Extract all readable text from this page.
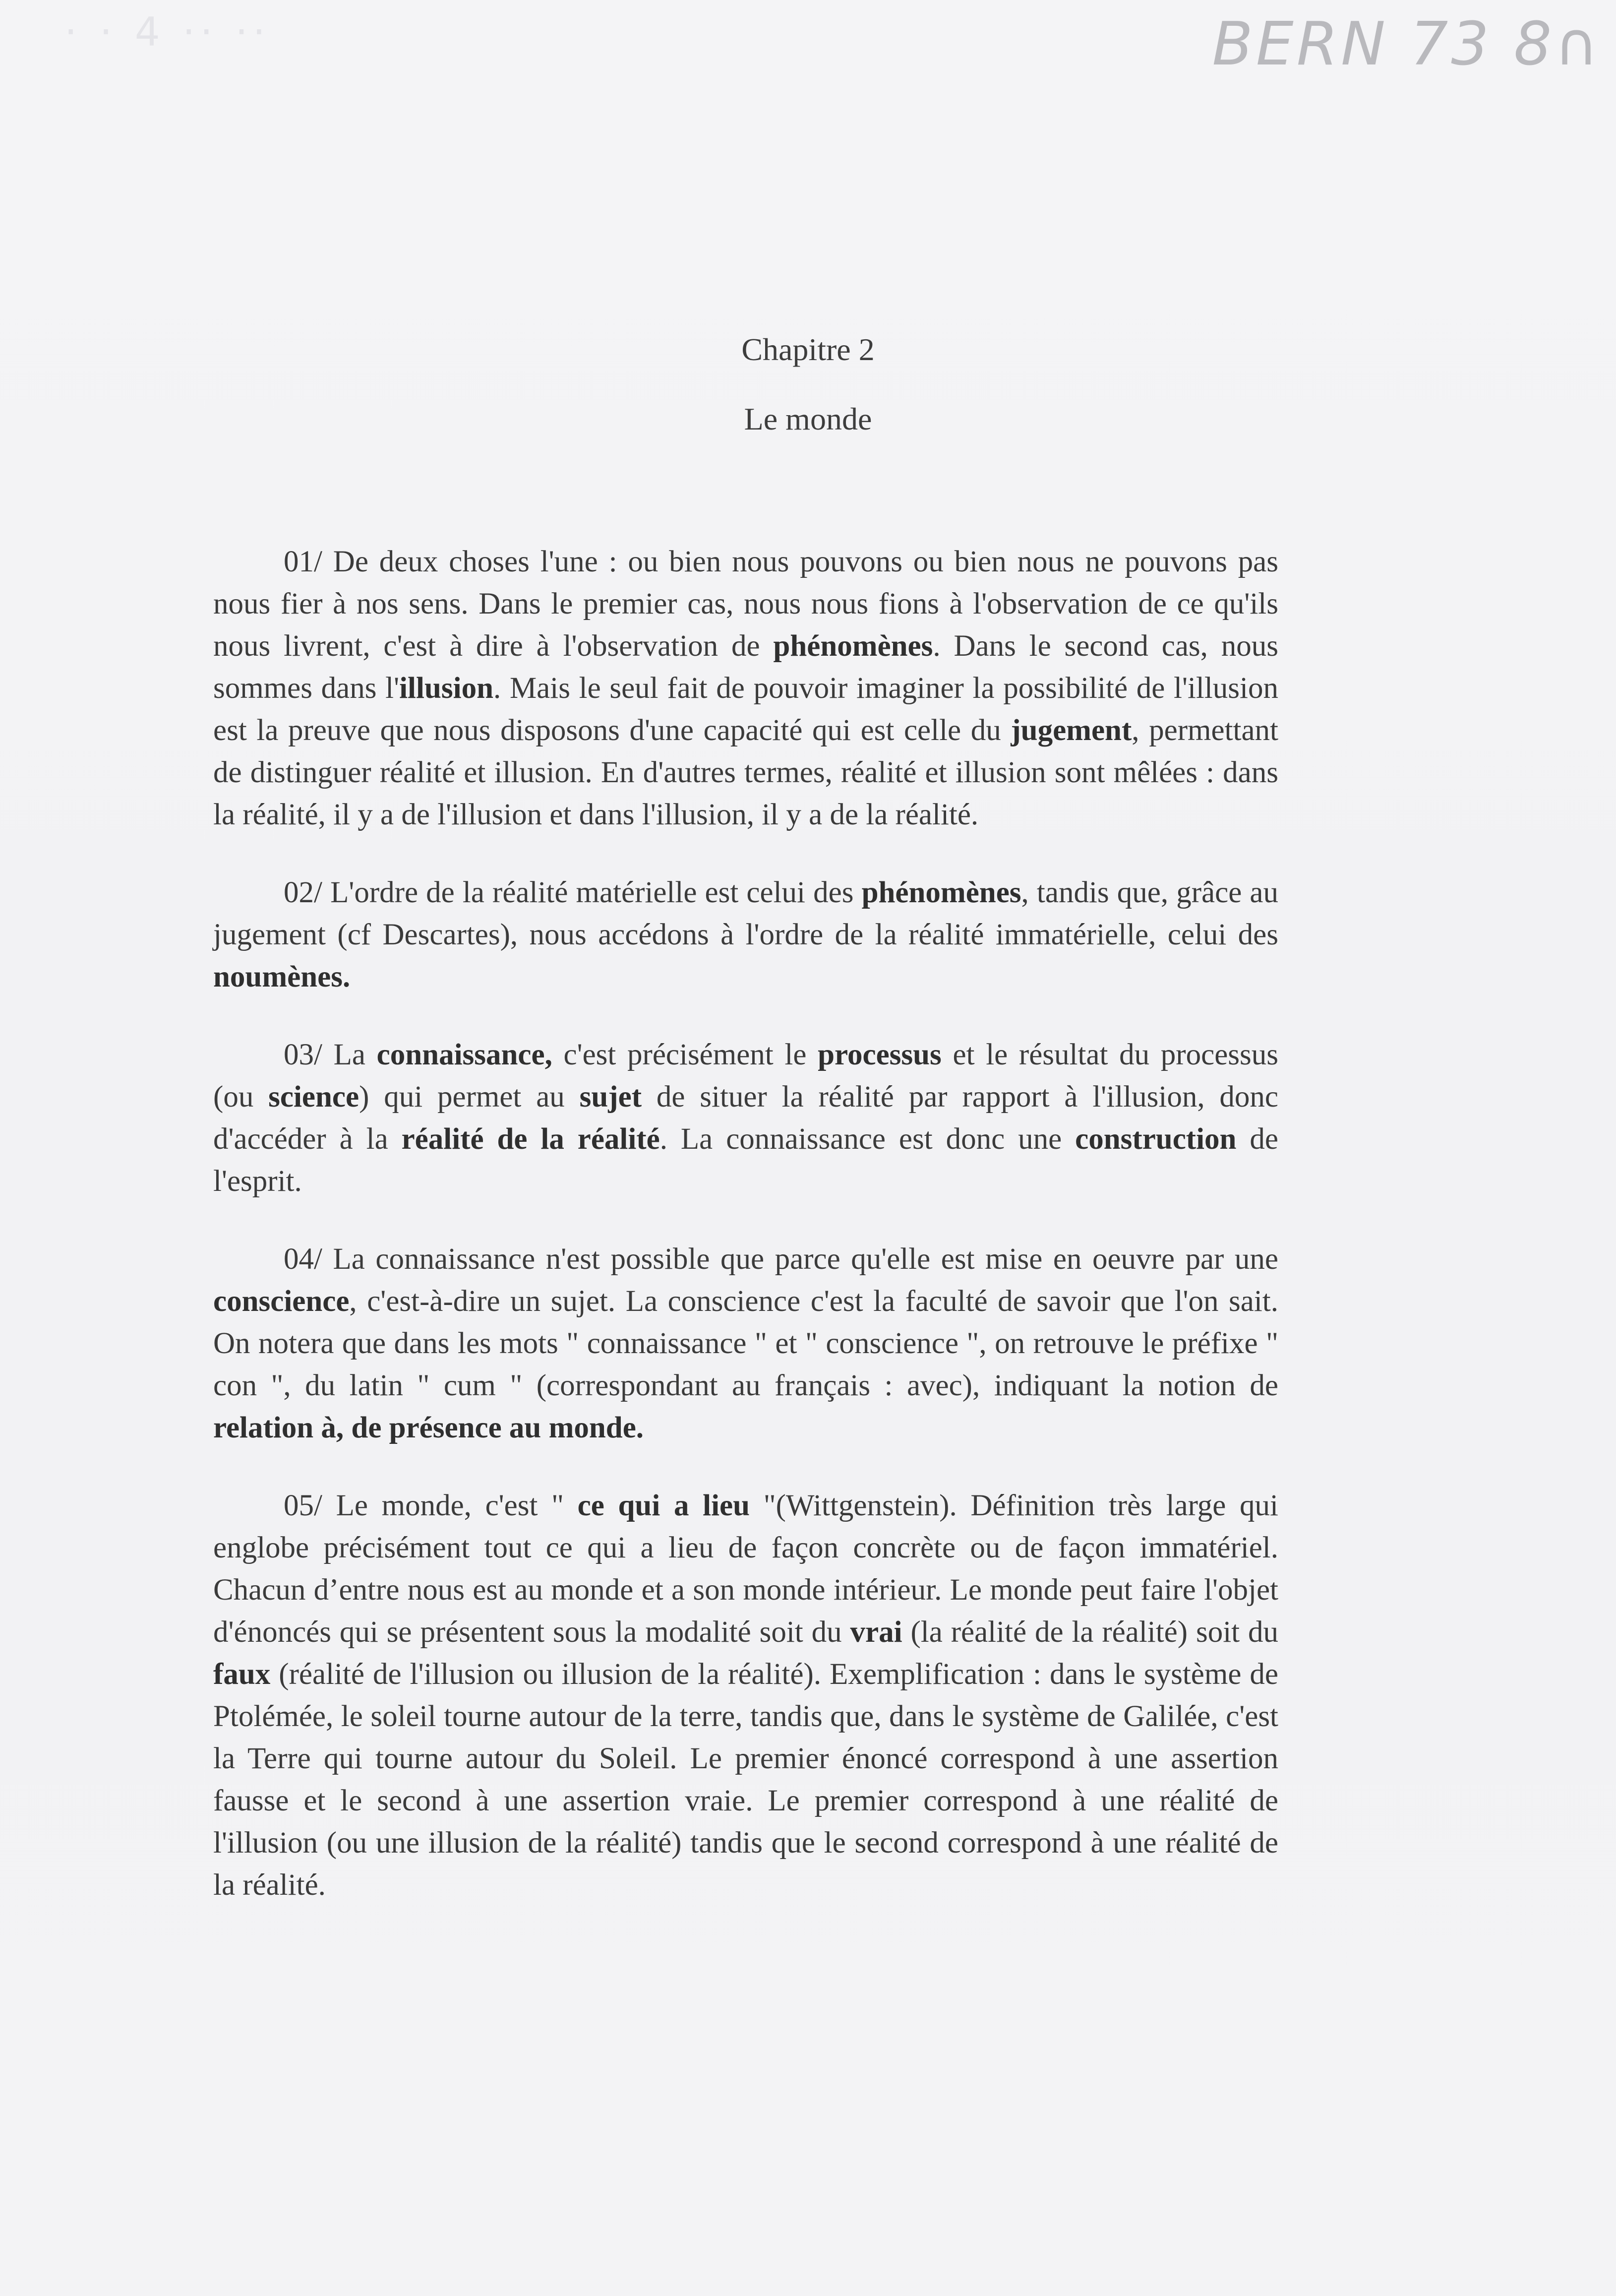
· · 4 ·· ··	BERN 73 8∩
Chapitre 2
Le monde

01/ De deux choses l'une : ou bien nous pouvons ou bien nous ne pouvons pas nous fier à nos sens. Dans le premier cas, nous nous fions à l'observation de ce qu'ils nous livrent, c'est à dire à l'observation de phénomènes. Dans le second cas, nous sommes dans l'illusion. Mais le seul fait de pouvoir imaginer la possibilité de l'illusion est la preuve que nous disposons d'une capacité qui est celle du jugement, permettant de distinguer réalité et illusion. En d'autres termes, réalité et illusion sont mêlées : dans la réalité, il y a de l'illusion et dans l'illusion, il y a de la réalité.

02/ L'ordre de la réalité matérielle est celui des phénomènes, tandis que, grâce au jugement (cf Descartes), nous accédons à l'ordre de la réalité immatérielle, celui des noumènes.

03/ La connaissance, c'est précisément le processus et le résultat du processus (ou science) qui permet au sujet de situer la réalité par rapport à l'illusion, donc d'accéder à la réalité de la réalité. La connaissance est donc une construction de l'esprit.

04/ La connaissance n'est possible que parce qu'elle est mise en oeuvre par une conscience, c'est-à-dire un sujet. La conscience c'est la faculté de savoir que l'on sait. On notera que dans les mots " connaissance " et " conscience ", on retrouve le préfixe " con ", du latin " cum " (correspondant au français : avec), indiquant la notion de relation à, de présence au monde.

05/ Le monde, c'est " ce qui a lieu "(Wittgenstein). Définition très large qui englobe précisément tout ce qui a lieu de façon concrète ou de façon immatériel. Chacun d’entre nous est au monde et a son monde intérieur. Le monde peut faire l'objet d'énoncés qui se présentent sous la modalité soit du vrai (la réalité de la réalité) soit du faux (réalité de l'illusion ou illusion de la réalité). Exemplification : dans le système de Ptolémée, le soleil tourne autour de la terre, tandis que, dans le système de Galilée, c'est la Terre qui tourne autour du Soleil. Le premier énoncé correspond à une assertion fausse et le second à une assertion vraie. Le premier correspond à une réalité de l'illusion (ou une illusion de la réalité) tandis que le second correspond à une réalité de la réalité.
